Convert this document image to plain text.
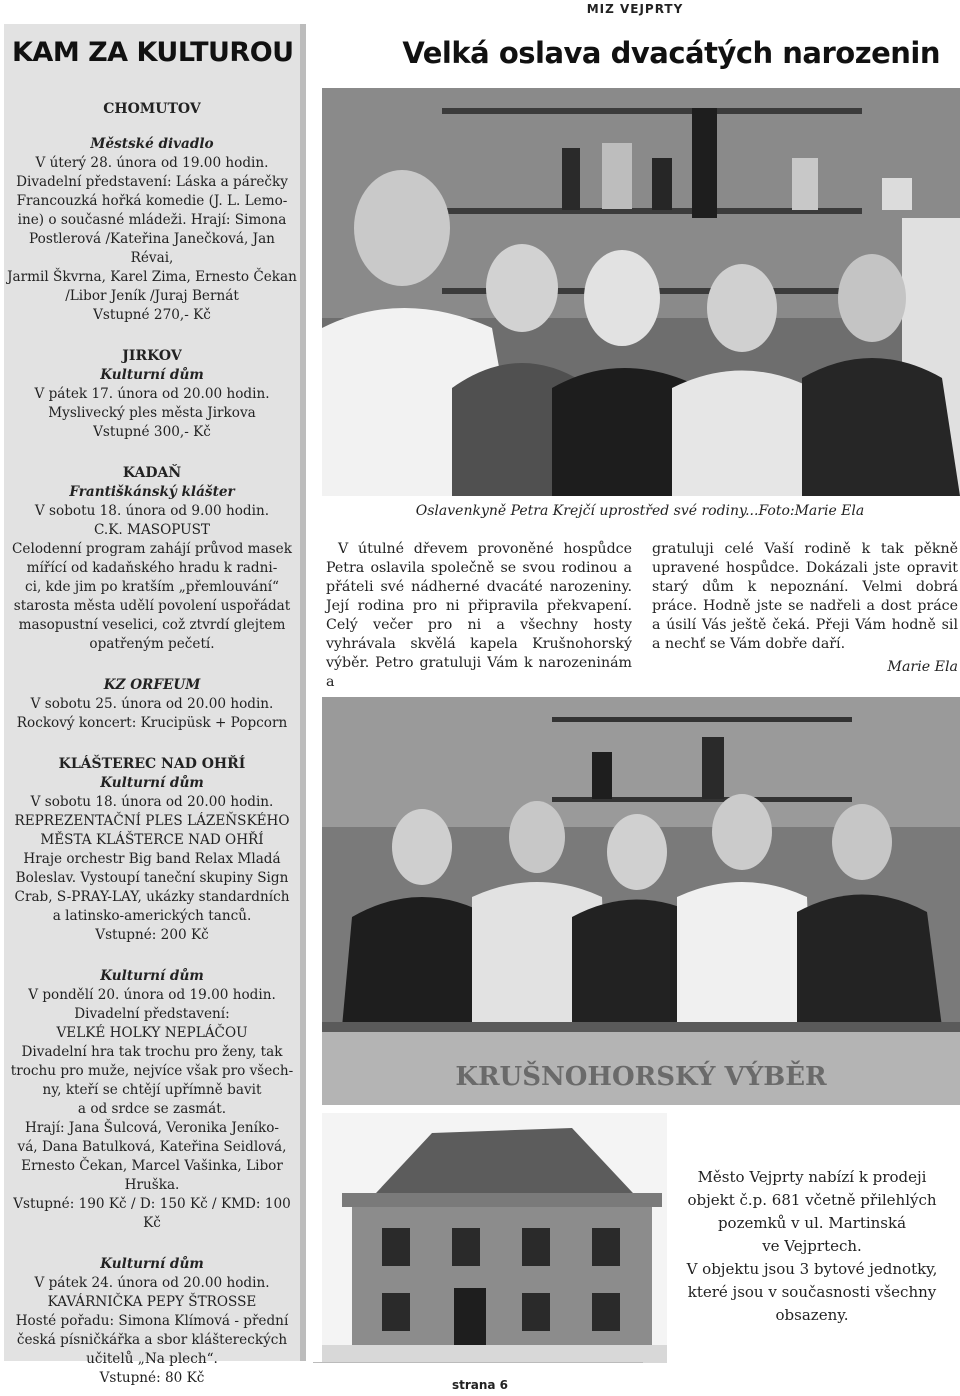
MIZ VEJPRTY
KAM ZA KULTUROU
CHOMUTOV
Městské divadlo
V úterý 28. února od 19.00 hodin.
Divadelní představení: Láska a párečky
Francouzká hořká komedie (J. L. Lemo-
ine) o současné mládeži. Hrají: Simona
Postlerová /Kateřina Janečková, Jan Révai,
Jarmil Škvrna, Karel Zima, Ernesto Čekan
/Libor Jeník /Juraj Bernát
Vstupné 270,- Kč
JIRKOV
Kulturní dům
V pátek 17. února od 20.00 hodin.
Myslivecký ples města Jirkova
Vstupné 300,- Kč
KADAŇ
Františkánský klášter
V sobotu 18. února od 9.00 hodin.
C.K. MASOPUST
Celodenní program zahájí průvod masek
mířící od kadaňského hradu k radni-
ci, kde jim po kratším „přemlouvání“
starosta města udělí povolení uspořádat
masopustní veselici, což ztvrdí glejtem
opatřeným pečetí.
KZ ORFEUM
V sobotu 25. února od 20.00 hodin.
Rockový koncert: Krucipüsk + Popcorn
KLÁŠTEREC NAD OHŘÍ
Kulturní dům
V sobotu 18. února od 20.00 hodin.
REPREZENTAČNÍ PLES LÁZEŇSKÉHO
MĚSTA KLÁŠTERCE NAD OHŘÍ
Hraje orchestr Big band Relax Mladá
Boleslav. Vystoupí taneční skupiny Sign
Crab, S-PRAY-LAY, ukázky standardních
a latinsko-amerických tanců.
Vstupné: 200 Kč
Kulturní dům
V pondělí 20. února od 19.00 hodin.
Divadelní představení:
VELKÉ HOLKY NEPLÁČOU
Divadelní hra tak trochu pro ženy, tak
trochu pro muže, nejvíce však pro všech-
ny, kteří se chtějí upřímně bavit
a od srdce se zasmát.
Hrají: Jana Šulcová, Veronika Jeníko-
vá, Dana Batulková, Kateřina Seidlová,
Ernesto Čekan, Marcel Vašinka, Libor
Hruška.
Vstupné: 190 Kč / D: 150 Kč / KMD: 100
Kč
Kulturní dům
V pátek 24. února od 20.00 hodin.
KAVÁRNIČKA PEPY ŠTROSSE
Hosté pořadu: Simona Klímová - přední
česká písničkářka a sbor klášterecký​ch
učitelů „Na plech“.
Vstupné: 80 Kč
Velká oslava dvacátých narozenin
Oslavenkyně Petra Krejčí uprostřed své rodiny...Foto:Marie Ela

V útulné dřevem provoněné hospůdce Petra oslavila společně se svou rodinou a přáteli své nádherné dvacáté narozeniny. Její rodina pro ni připravila překvapení. Celý večer pro ni a všechny hosty vyhrávala skvělá kapela Krušnohorský výběr. Petro gratuluji Vám k narozeninám a

gratuluji celé Vaší rodině k tak pěkně upravené hospůdce. Dokázali jste opravit starý dům k nepoznání. Velmi dobrá práce. Hodně jste se nadřeli a dost práce a úsilí Vás ještě čeká. Přeji Vám hodně sil a nechť se Vám dobře daří.

Marie Ela
KRUŠNOHORSKÝ VÝBĚR
Město Vejprty nabízí k prodeji
objekt č.p. 681 včetně přilehlých
pozemků v ul. Martinská
ve Vejprtech.
V objektu jsou 3 bytové jednotky,
které jsou v současnosti všechny
obsazeny.
strana 6
